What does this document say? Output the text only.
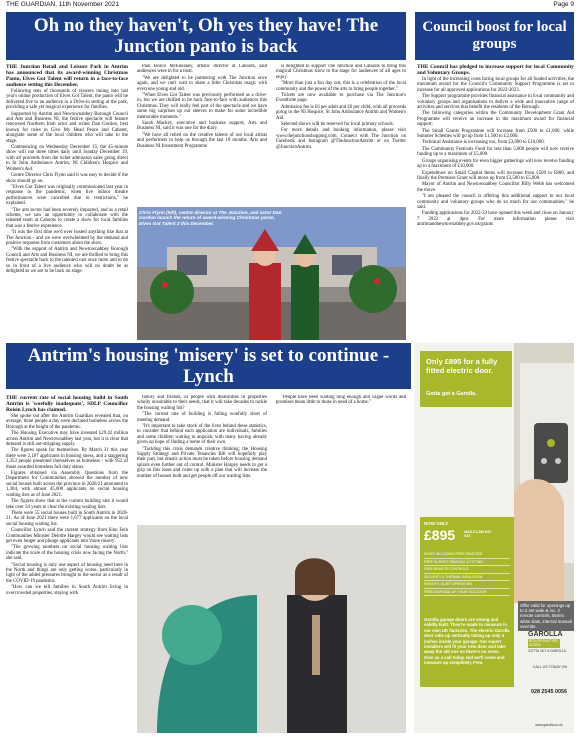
THE GUARDIAN, 11th November 2021	Page 9
Oh no they haven't, Oh yes they have! The Junction panto is back

THE Junction Retail and Leisure Park in Antrim has announced that its award-winning Christmas Panto, Elves Got Talent will return in a face-to-face audience setting this December.

Following tens of thousands of viewers tuning into last year's online production of Elves Got Talent, the panto will be delivered live to an audience in a Drive-in setting at the park, providing a safe yet magical experience for families.

Supported by Antrim and Newtownabbey Borough Council and Arts and Business NI, the festive spectacle will feature renowned Northern Irish actor and writer Dan Gordon, best known for roles in Give My Head Peace and Cabaret, alongside some of the local children who will take to the stage.

Commencing on Wednesday December 15, the 45-minute show will run three times daily until Sunday December 19, with all proceeds from the ticket admission sales going direct to St John Ambulance Antrim, NI Children's Hospice and Women's Aid.

Centre Director Chris Flynn said it was easy to decide if the show should go on.

"Elves Got Talent was originally commissioned last year in response to the pandemic, when live indoor theatre performances were cancelled due to restrictions," he explained.

"The arts sector had been severely impacted, and as a retail scheme, we saw an opportunity to collaborate with the talented team at Cahoots to create a show for local families that was a festive experience.

"It was the first time we'd ever hosted anything like that at The Junction - and we were overwhelmed by the demand and positive response from customers about the show.

"With the support of Antrim and Newtownabbey Borough Council and Arts and Business NI, we are thrilled to bring this festive spectacle back to the talented cast once more and to do so in front of a live audience who will no doubt be as delighted as we are to be back on stage.

Paul Bosco McEneaney, artistic director at Cahoots, said audiences were in for a treat.

"We are delighted to be partnering with The Junction once again, and we can't wait to share a little Christmas magic with everyone young and old.

"When Elves Got Talent was previously performed as a drive-in, but we are thrilled to be back face-to-face with audiences this Christmas. They will really feel part of the spectacle and we have some big surprises up our sleeves to make for some incredible memorable moments."

Sarah Mackey, executive and business support, Arts and Business NI, said it was one for the diary.

"We have all relied on the creative talents of our local artists and performers to help us through the last 18 months. Arts and Business NI Investment Programme

is delighted to support The Junction and Cahoots to bring this magical Christmas show to the stage for audiences of all ages to enjoy.

"More than just a fun day out, this is a celebration of the local community and the power of the arts to bring people together."

Tickets are now available to purchase via The Junction's Eventbrite page.

Admission fee is £6 per adult and £6 per child, with all proceeds going to the NI Hospice, St John Ambulance Antrim and Women's Aid.

Selected shows will be reserved for local primary schools.

For more details and booking information, please visit www.thejunctionshopping.com. Connect with The Junction on Facebook and Instagram @TheJunctionAntrim or on Twitter @JunctionAntrim.

Chris Flynn (left), centre director at The Junction, and actor Dan Gordon launch the return of award-winning Christmas panto, Elves Got Talent 2 this December.
Antrim's housing 'misery' is set to continue -Lynch

THE current rate of social housing build in South Antrim is 'woefully inadequate', SDLP Councillor Roisin Lynch has claimed.

She spoke out after the Antrim Guardian revealed that, on average, three people a day were declared homeless across the Borough at the height of the pandemic.

The Housing Executive may have invested £29.42 million across Antrim and Newtownabbey last year, but it is clear that demand is still out-stripping supply.

The figures speak for themselves. By March 31 this year there were 2,187 applicants in housing stress, and a staggering 1,353 people presented themselves as homeless - with 952 of those awarded homeless full duty status.

Figures obtained via Assembly Questions from the Department for Communities showed the number of new social houses built across the province in 2020/21 amounted to 1,304, with almost 45,000 applicants on social housing waiting lists as of June 2021.

The figures show that at the current building rate it would take over 34 years to clear the existing waiting lists.

There were 55 social houses built in South Antrim in 2020-21. As of June 2021 there were 1,677 applicants on the local social housing waiting list.

Councillor Lynch said the current strategy from Sinn Fein Communities Minister Deirdre Hargey would see waiting lists get even longer and plunge applicants into 'more misery'.

"The growing numbers on social housing waiting lists indicate the scale of the housing crisis now facing the North," she said.

"Social housing is only one aspect of housing need here in the North and things are only getting worse, particularly in light of the added pressures brought to the sector as a result of the COVID-19 pandemic.

"How can we tell families in South Antrim living in overcrowded properties, staying with

family and friends, or people with disabilities in properties wholly unsuitable to their needs, that it will take decades to tackle the housing waiting list?

"The current rate of building is falling woefully short of meeting demand.

"It's important to take stock of the lives behind these statistics, to consider that behind each application are individuals, families and some children waiting in anguish, with many having already given up hope of finding a home of their own.

"Tackling this crisis demands creative thinking; the Housing Supply Strategy and Private Tenancies Bill will hopefully play their part, but drastic action must be taken before housing demand spirals even further out of control. Minister Hargey needs to get a grip on this issue and come up with a plan that will increase the number of houses built and get people off our waiting lists.

"People have been waiting long enough and vague words and promises mean little to those in need of a home."

Council boost for local groups

THE Council has pledged to increase support for local Community and Voluntary Groups.

In light of the increasing costs facing local groups for all funded activities, the maximum award for the Council's Community Support Programme is set to increase for all approved applications for 2022-2023.

The Support programme provides financial assistance to local community and voluntary groups and organisations to deliver a wide and innovative range of activities and services that benefit the residents of the Borough.

The following categories within the Community Development Grant Aid Programme will receive an increase in the maximum award for financial support:

The Small Grants Programme will increase from £500 to £1,000, while Summer Schemes will go up from £1,500 to £2,000.

Technical Assistance is increasing too, from £3,000 to £10,000.

The Community Festivals Fund for less than 5,000 people will now receive funding up to a maximum of £5,000.

Groups organising events for even bigger gatherings will now receive funding up to a maximum of £10,000.

Expenditure on Small Capital Items will increase from £500 to £800, and finally the Premises Grant will move up from £3,500 to £5,000.

Mayor of Antrim and Newtownabbey Councillor Billy Webb has welcomed the move.

"I am pleased the council is offering this additional support to our local community and voluntary groups who do so much for our communities," he said.

Funding applications for 2022-23 have opened this week and close on January 7 2022 at 4pm. For more information please visit antrimandnewtownabbey.gov.uk/grants

Only £895 for a fully fitted electric door.
Gotta get a Garolla.
NOW ONLY
£895 WAS £1,290 INC VAT
WHITE INCLUDING FREE REMOTES
FREE SURVEY, REMOVAL & FITTING
FREE REMOTE CONTROLS
SECURITY & THERMAL INSULATION
SMOOTH, QUIET OPERATION
FREE DISPOSAL OF YOUR OLD DOOR
Garolla garage doors are strong and solidly built. They're made to measure in our own UK factories. The electric Garolla door rolls up vertically taking up only 3 inches inside your garage. Our expert installers will fit your new door and take away the old one so there's no mess. Give us a call today and we'll come and measure up completely Free.
Offer valid for openings up to 2.4m wide & inc. 2 remote controls, 55mm white slats, internal manual override.
GAROLLA
ROLLER SHUTTER DOORS
GOTTA GET A GAROLLA
CALL US TODAY ON
028 2545 0056
www.garolla.co.uk
